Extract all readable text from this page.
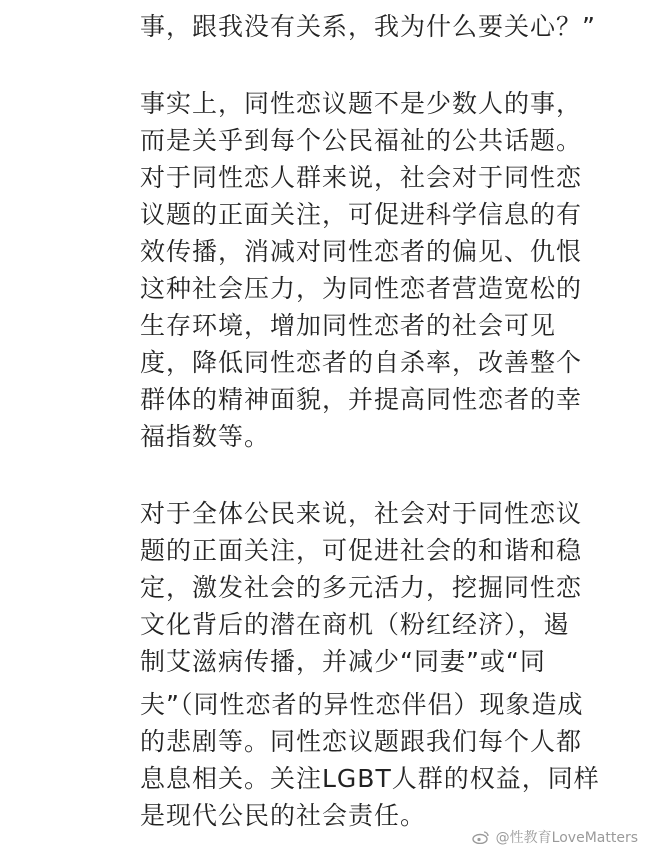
事，跟我没有关系，我为什么要关心？”
事实上，同性恋议题不是少数人的事，
而是关乎到每个公民福祉的公共话题。
对于同性恋人群来说，社会对于同性恋
议题的正面关注，可促进科学信息的有
效传播，消减对同性恋者的偏见、仇恨
这种社会压力，为同性恋者营造宽松的
生存环境，增加同性恋者的社会可见
度，降低同性恋者的自杀率，改善整个
群体的精神面貌，并提高同性恋者的幸
福指数等。
对于全体公民来说，社会对于同性恋议
题的正面关注，可促进社会的和谐和稳
定，激发社会的多元活力，挖掘同性恋
文化背后的潜在商机（粉红经济），遏
制艾滋病传播，并减少“同妻”或“同
夫”（同性恋者的异性恋伴侣）现象造成
的悲剧等。同性恋议题跟我们每个人都
息息相关。关注LGBT人群的权益，同样
是现代公民的社会责任。
@性教育LoveMatters
